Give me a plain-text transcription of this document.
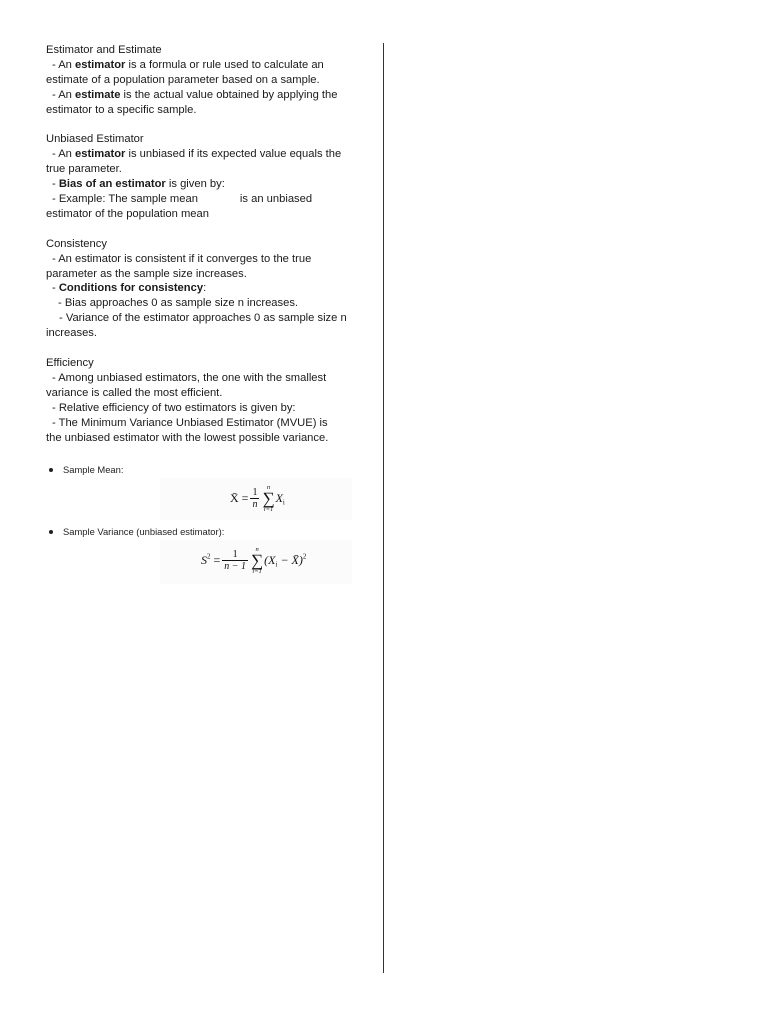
Estimator and Estimate

- An estimator is a formula or rule used to calculate an

estimate of a population parameter based on a sample.

- An estimate is the actual value obtained by applying the

estimator to a specific sample.

Unbiased Estimator

- An estimator is unbiased if its expected value equals the

true parameter.

- Bias of an estimator is given by:

- Example: The sample mean	is an unbiased

estimator of the population mean

Consistency

- An estimator is consistent if it converges to the true

parameter as the sample size increases.

- Conditions for consistency:

- Bias approaches 0 as sample size n increases.

- Variance of the estimator approaches 0 as sample size n

increases.

Efficiency

- Among unbiased estimators, the one with the smallest

variance is called the most efficient.

- Relative efficiency of two estimators is given by:

- The Minimum Variance Unbiased Estimator (MVUE) is

the unbiased estimator with the lowest possible variance.

Sample Mean:
X̄ = $\frac{1}{n}$	n
∑
i=1
$X_i$
Sample Variance (unbiased estimator):
$S^2 = \frac{1}{n - 1}$	n
∑
i=1
($X_i$ − X̄)$^2$
